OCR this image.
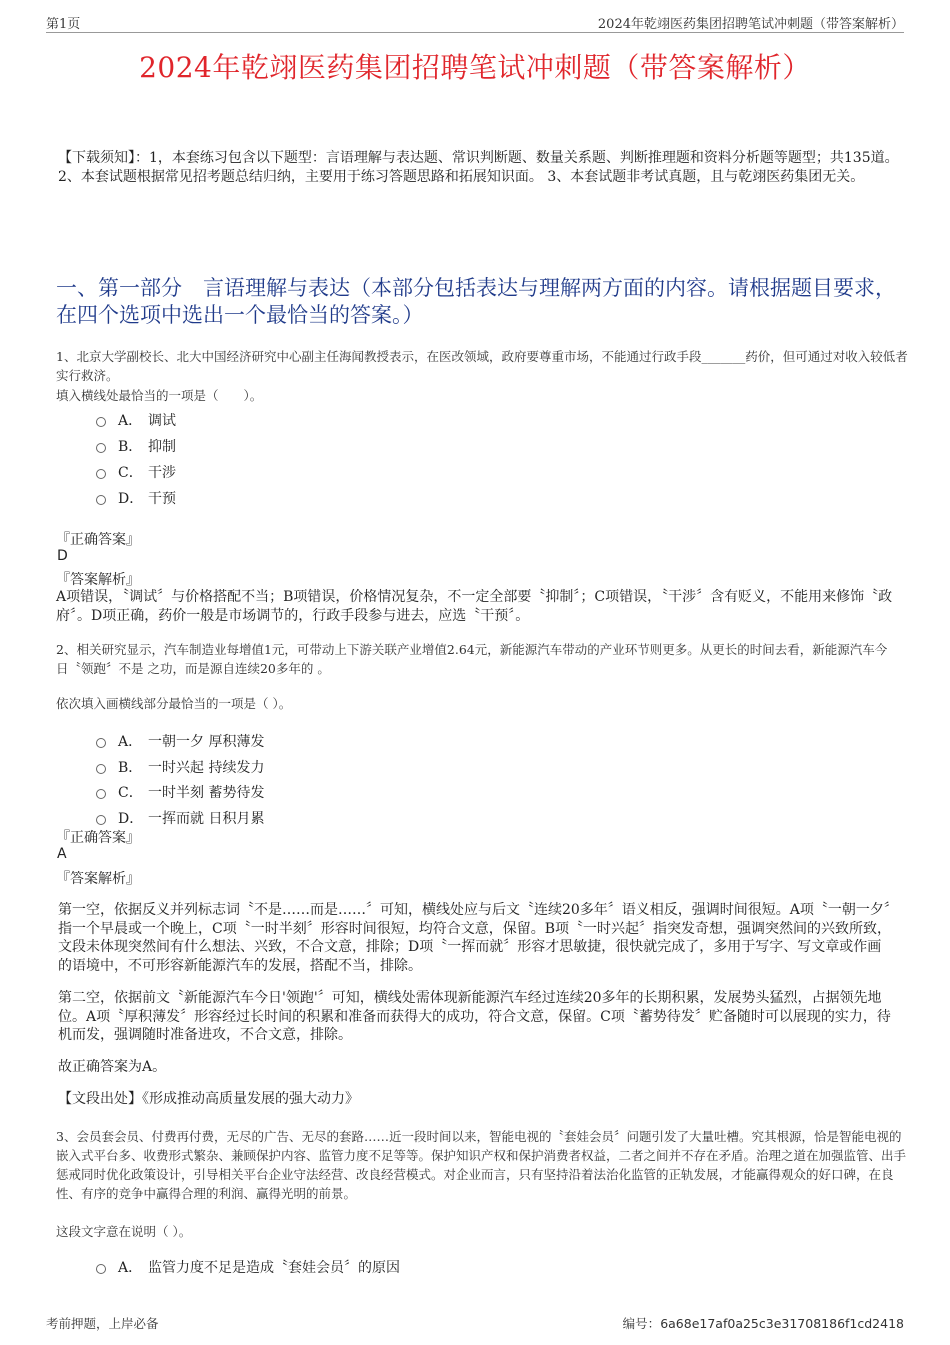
第1页	2024年乾翊医药集团招聘笔试冲刺题（带答案解析）
2024年乾翊医药集团招聘笔试冲刺题（带答案解析）
【下载须知】：1，本套练习包含以下题型：言语理解与表达题、常识判断题、数量关系题、判断推理题和资料分析题等题型；共135道。 2、本套试题根据常见招考题总结归纳，主要用于练习答题思路和拓展知识面。 3、本套试题非考试真题，且与乾翊医药集团无关。
一、第一部分　言语理解与表达（本部分包括表达与理解两方面的内容。请根据题目要求，在四个选项中选出一个最恰当的答案。）
1、北京大学副校长、北大中国经济研究中心副主任海闻教授表示，在医改领域，政府要尊重市场，不能通过行政手段_______药价，但可通过对收入较低者实行救济。
填入横线处最恰当的一项是（　　）。
A． 调试
B． 抑制
C． 干涉
D． 干预
『正确答案』
D
『答案解析』
A项错误，〝调试〞与价格搭配不当；B项错误，价格情况复杂，不一定全部要〝抑制〞；C项错误，〝干涉〞含有贬义，不能用来修饰〝政府〞。D项正确，药价一般是市场调节的，行政手段参与进去，应选〝干预〞。
2、相关研究显示，汽车制造业每增值1元，可带动上下游关联产业增值2.64元，新能源汽车带动的产业环节则更多。从更长的时间去看，新能源汽车今日〝领跑〞不是 之功，而是源自连续20多年的 。
依次填入画横线部分最恰当的一项是（ ）。
A． 一朝一夕 厚积薄发
B． 一时兴起 持续发力
C． 一时半刻 蓄势待发
D． 一挥而就 日积月累
『正确答案』
A
『答案解析』
第一空，依据反义并列标志词〝不是……而是……〞可知，横线处应与后文〝连续20多年〞语义相反，强调时间很短。A项〝一朝一夕〞指一个早晨或一个晚上，C项〝一时半刻〞形容时间很短，均符合文意，保留。B项〝一时兴起〞指突发奇想，强调突然间的兴致所致，文段未体现突然间有什么想法、兴致，不合文意，排除；D项〝一挥而就〞形容才思敏捷，很快就完成了，多用于写字、写文章或作画的语境中，不可形容新能源汽车的发展，搭配不当，排除。
第二空，依据前文〝新能源汽车今日'领跑'〞可知，横线处需体现新能源汽车经过连续20多年的长期积累，发展势头猛烈，占据领先地位。A项〝厚积薄发〞形容经过长时间的积累和准备而获得大的成功，符合文意，保留。C项〝蓄势待发〞贮备随时可以展现的实力，待机而发，强调随时准备进攻，不合文意，排除。
故正确答案为A。
【文段出处】《形成推动高质量发展的强大动力》
3、会员套会员、付费再付费，无尽的广告、无尽的套路……近一段时间以来，智能电视的〝套娃会员〞问题引发了大量吐槽。究其根源，恰是智能电视的嵌入式平台多、收费形式繁杂、兼顾保护内容、监管力度不足等等。保护知识产权和保护消费者权益，二者之间并不存在矛盾。治理之道在加强监管、出手惩戒同时优化政策设计，引导相关平台企业守法经营、改良经营模式。对企业而言，只有坚持沿着法治化监管的正轨发展，才能赢得观众的好口碑，在良性、有序的竞争中赢得合理的利润、赢得光明的前景。
这段文字意在说明（ ）。
A． 监管力度不足是造成〝套娃会员〞的原因
考前押题，上岸必备	编号：6a68e17af0a25c3e31708186f1cd2418
